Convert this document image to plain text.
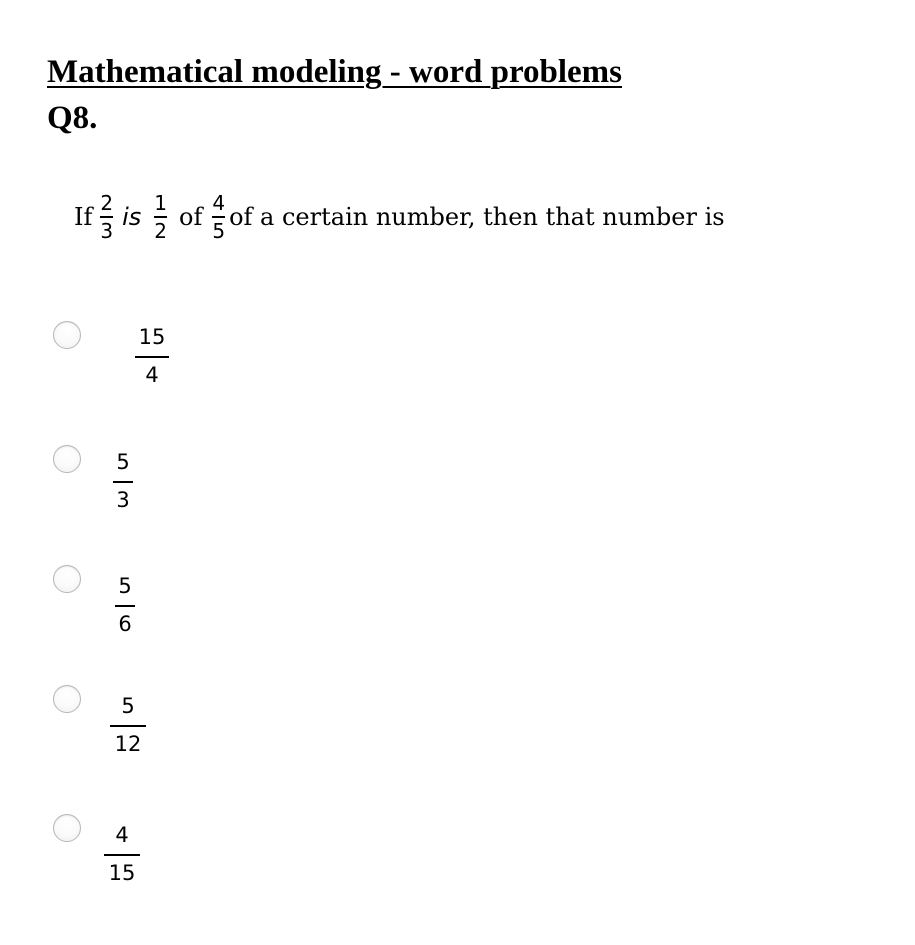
Mathematical modeling - word problems
Q8.
If $\frac{2}{3}$ is $\frac{1}{2}$ of $\frac{4}{5}$ of a certain number, then that number is
15
4
5
3
5
6
5
12
4
15
